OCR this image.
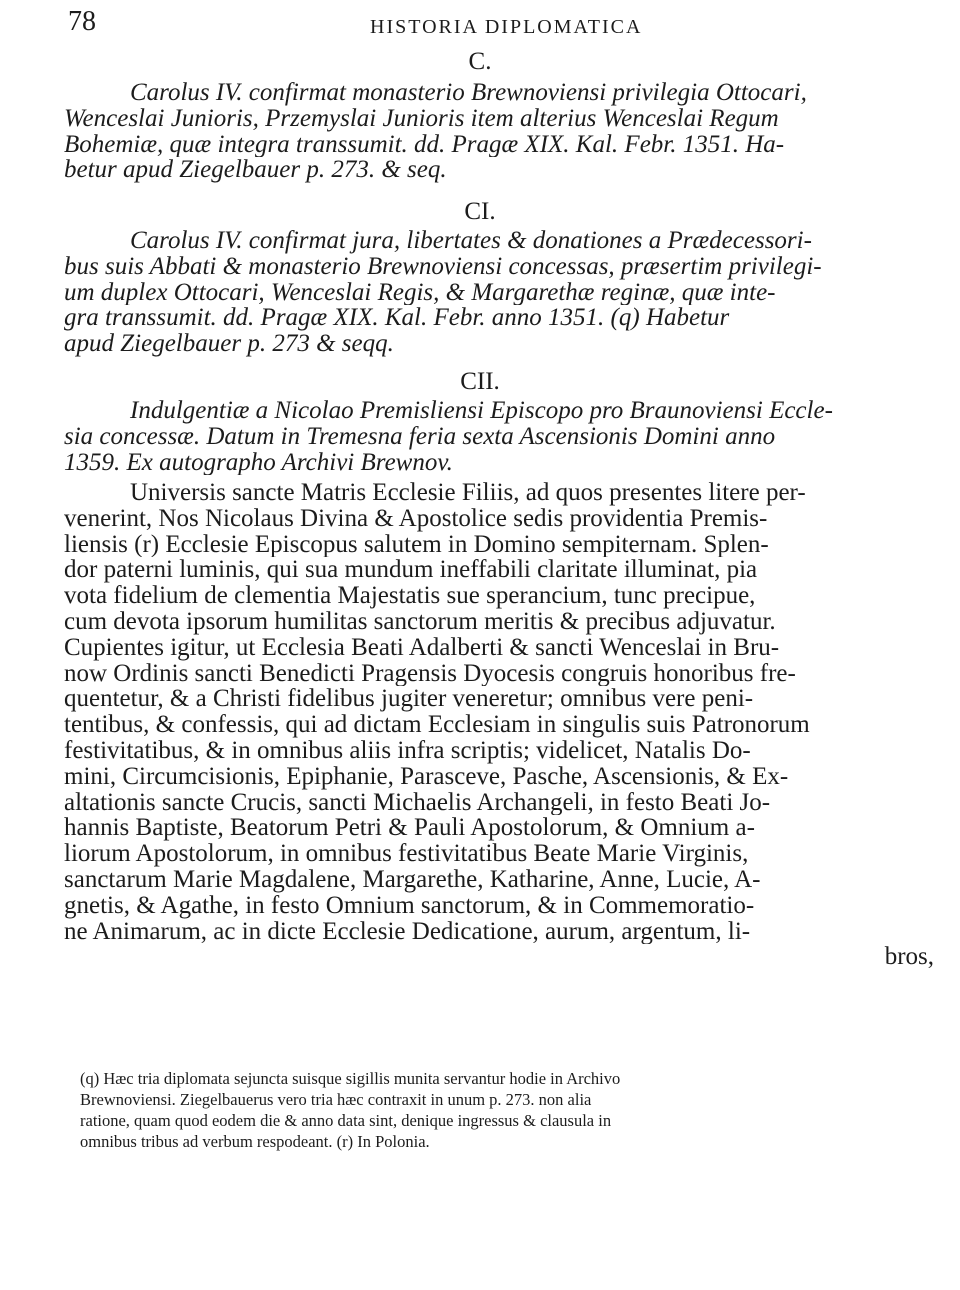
78	HISTORIA DIPLOMATICA
C.
Carolus IV. confirmat monasterio Brewnoviensi privilegia Ottocari,
Wenceslai Junioris, Przemyslai Junioris item alterius Wenceslai Regum
Bohemiæ, quæ integra transsumit. dd. Pragæ XIX. Kal. Febr. 1351. Ha-
betur apud Ziegelbauer p. 273. & seq.
CI.
Carolus IV. confirmat jura, libertates & donationes a Prædecessori-
bus suis Abbati & monasterio Brewnoviensi concessas, præsertim privilegi-
um duplex Ottocari, Wenceslai Regis, & Margarethæ reginæ, quæ inte-
gra transsumit. dd. Pragæ XIX. Kal. Febr. anno 1351. (q) Habetur
apud Ziegelbauer p. 273 & seqq.
CII.
Indulgentiæ a Nicolao Premisliensi Episcopo pro Braunoviensi Eccle-
sia concessæ. Datum in Tremesna feria sexta Ascensionis Domini anno
1359. Ex autographo Archivi Brewnov.
Universis sancte Matris Ecclesie Filiis, ad quos presentes litere per-
venerint, Nos Nicolaus Divina & Apostolice sedis providentia Premis-
liensis (r) Ecclesie Episcopus salutem in Domino sempiternam. Splen-
dor paterni luminis, qui sua mundum ineffabili claritate illuminat, pia
vota fidelium de clementia Majestatis sue sperancium, tunc precipue,
cum devota ipsorum humilitas sanctorum meritis & precibus adjuvatur.
Cupientes igitur, ut Ecclesia Beati Adalberti & sancti Wenceslai in Bru-
now Ordinis sancti Benedicti Pragensis Dyocesis congruis honoribus fre-
quentetur, & a Christi fidelibus jugiter veneretur; omnibus vere peni-
tentibus, & confessis, qui ad dictam Ecclesiam in singulis suis Patronorum
festivitatibus, & in omnibus aliis infra scriptis; videlicet, Natalis Do-
mini, Circumcisionis, Epiphanie, Parasceve, Pasche, Ascensionis, & Ex-
altationis sancte Crucis, sancti Michaelis Archangeli, in festo Beati Jo-
hannis Baptiste, Beatorum Petri & Pauli Apostolorum, & Omnium a-
liorum Apostolorum, in omnibus festivitatibus Beate Marie Virginis,
sanctarum Marie Magdalene, Margarethe, Katharine, Anne, Lucie, A-
gnetis, & Agathe, in festo Omnium sanctorum, & in Commemoratio-
ne Animarum, ac in dicte Ecclesie Dedicatione, aurum, argentum, li-
bros,
(q) Hæc tria diplomata sejuncta suisque sigillis munita servantur hodie in Archivo
Brewnoviensi. Ziegelbauerus vero tria hæc contraxit in unum p. 273. non alia
ratione, quam quod eodem die & anno data sint, denique ingressus & clausula in
omnibus tribus ad verbum respodeant. (r) In Polonia.
